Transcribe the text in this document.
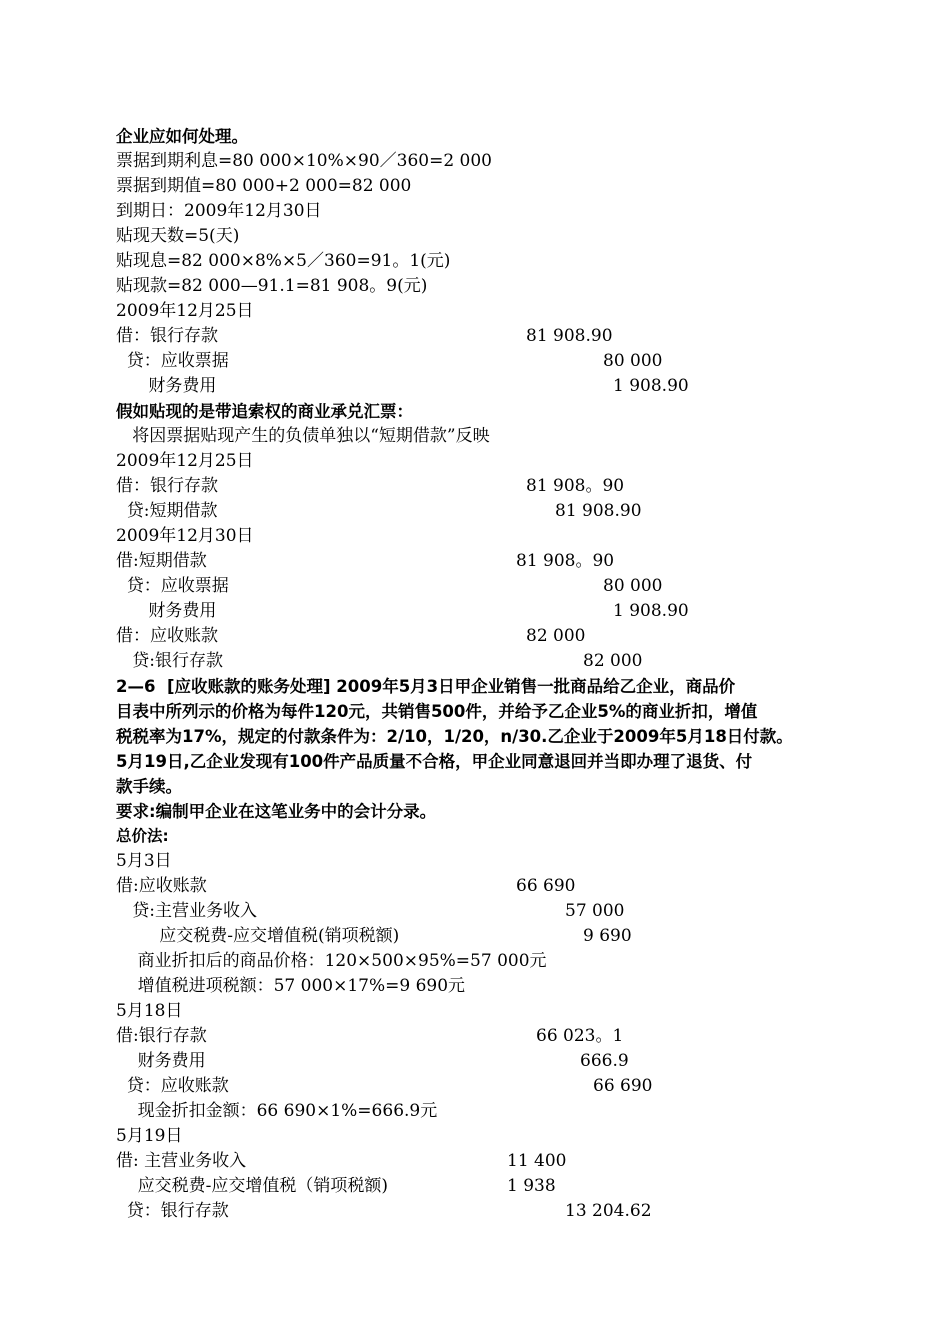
企业应如何处理。
票据到期利息=80 000×10%×90／360=2 000
票据到期值=80 000+2 000=82 000
到期日：2009年12月30日
贴现天数=5(天)
贴现息=82 000×8%×5／360=91。1(元)
贴现款=82 000—91.1=81 908。9(元)
2009年12月25日
借：银行存款	81 908.90
贷：应收票据	80 000
财务费用	1 908.90
假如贴现的是带追索权的商业承兑汇票：
将因票据贴现产生的负债单独以“短期借款”反映
2009年12月25日
借：银行存款	81 908。90
贷:短期借款	81 908.90
2009年12月30日
借:短期借款	81 908。90
贷：应收票据	80 000
财务费用	1 908.90
借：应收账款	82 000
贷:银行存款	82 000
2—6  [应收账款的账务处理] 2009年5月3日甲企业销售一批商品给乙企业，商品价
目表中所列示的价格为每件120元，共销售500件，并给予乙企业5%的商业折扣，增值
税税率为17%，规定的付款条件为：2/10，1/20，n/30.乙企业于2009年5月18日付款。
5月19日,乙企业发现有100件产品质量不合格，甲企业同意退回并当即办理了退货、付
款手续。
要求:编制甲企业在这笔业务中的会计分录。
总价法:
5月3日
借:应收账款	66 690
贷:主营业务收入	57 000
应交税费-应交增值税(销项税额)	9 690
商业折扣后的商品价格：120×500×95%=57 000元
增值税进项税额：57 000×17%=9 690元
5月18日
借:银行存款	66 023。1
财务费用	666.9
贷：应收账款	66 690
现金折扣金额：66 690×1%=666.9元
5月19日
借: 主营业务收入	11 400
应交税费-应交增值税（销项税额)	1 938
贷：银行存款	13 204.62
